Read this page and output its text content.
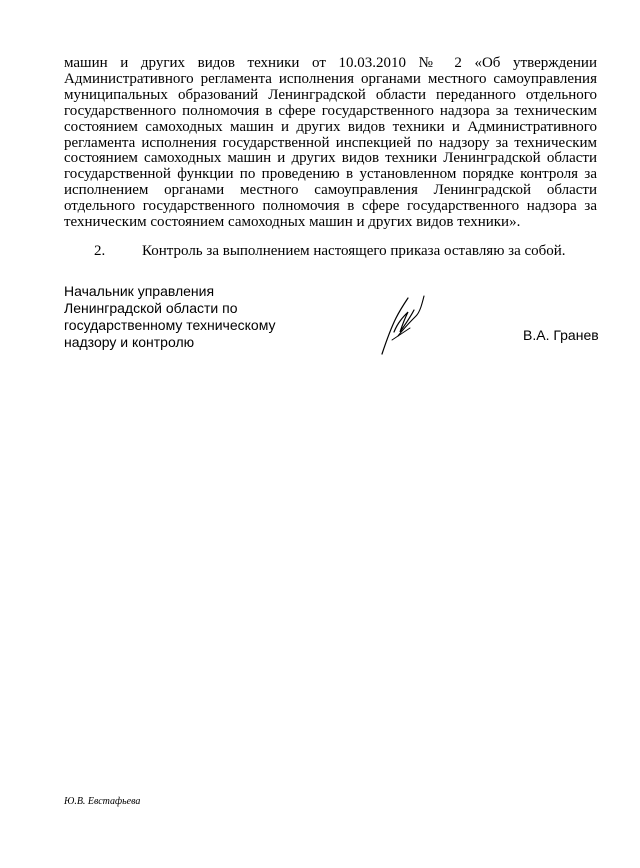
машин и других видов техники от 10.03.2010 № 2 «Об утверждении Административного регламента исполнения органами местного самоуправления муниципальных образований Ленинградской области переданного отдельного государственного полномочия в сфере государственного надзора за техническим состоянием самоходных машин и других видов техники и Административного регламента исполнения государственной инспекцией по надзору за техническим состоянием самоходных машин и других видов техники Ленинградской области государственной функции по проведению в установленном порядке контроля за исполнением органами местного самоуправления Ленинградской области отдельного государственного полномочия в сфере государственного надзора за
техническим состоянием самоходных машин и других видов техники».
2. Контроль за выполнением настоящего приказа оставляю за собой.
Начальник управления
Ленинградской области по
государственному техническому
надзору и контролю	В.А. Гранев
Ю.В. Евстафьева
